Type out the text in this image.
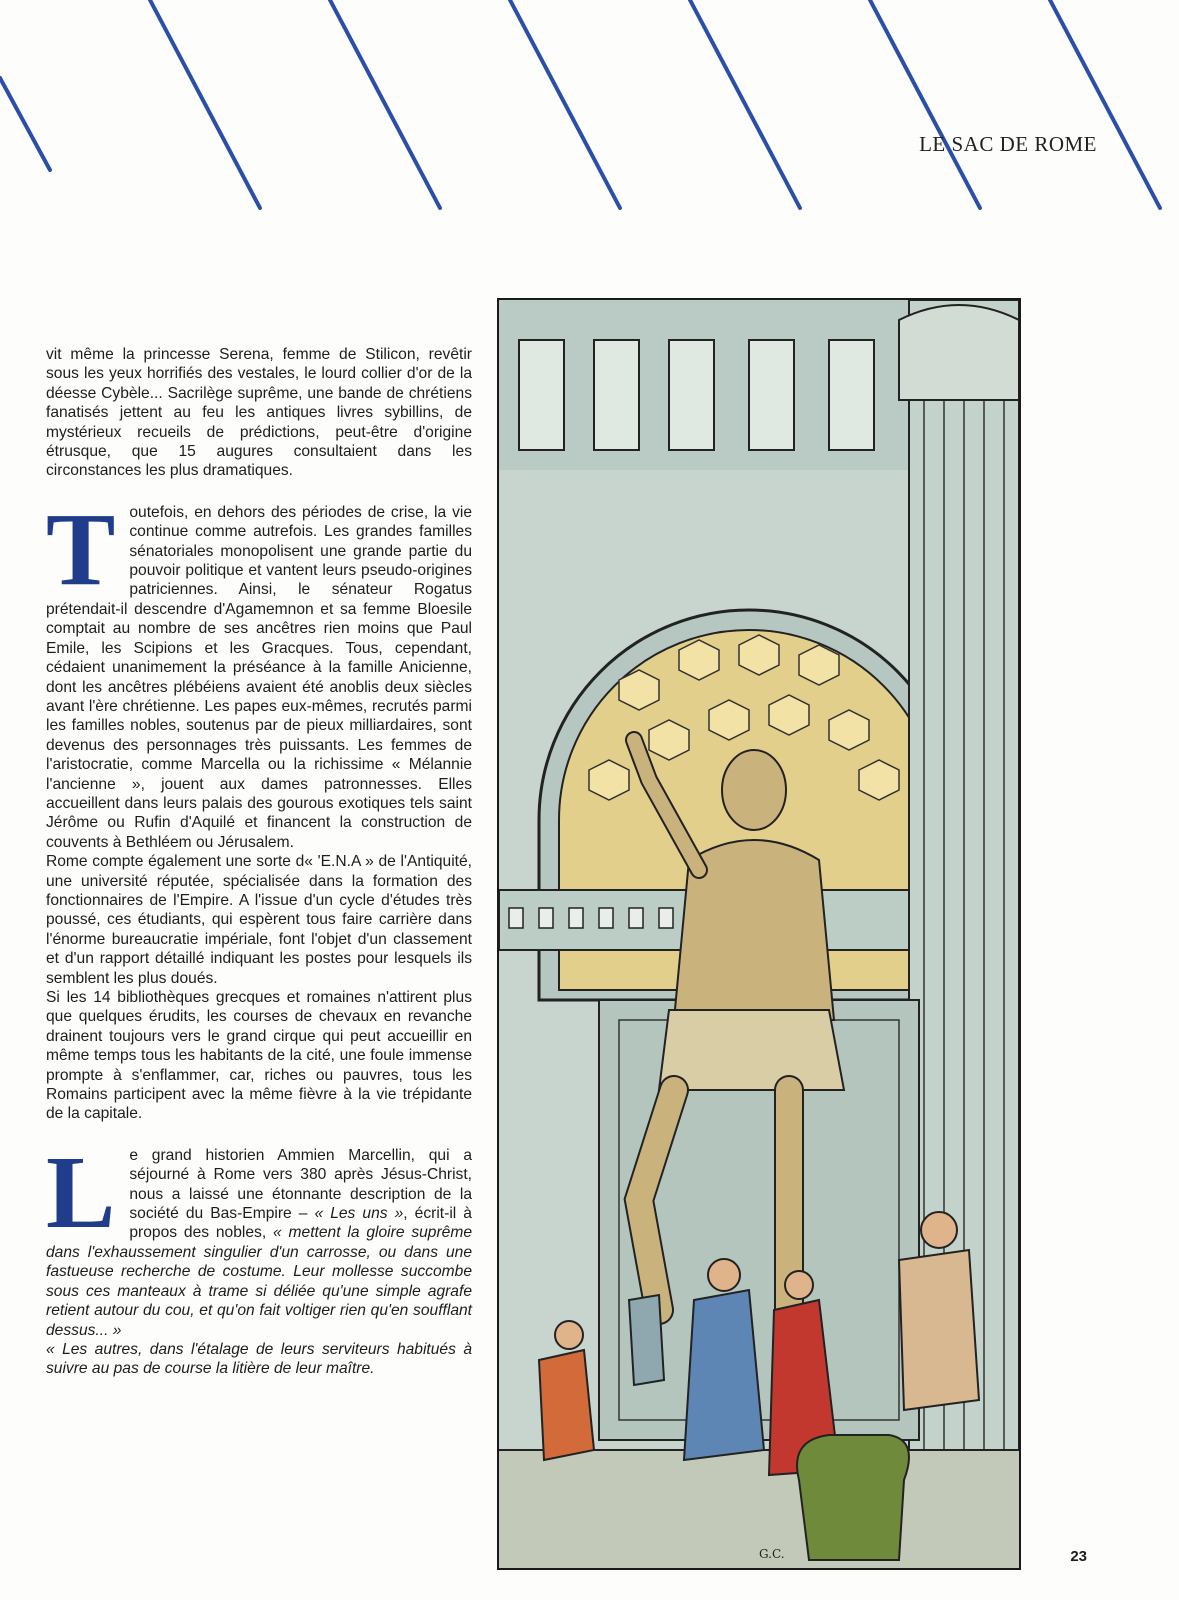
LE SAC DE ROME

vit même la princesse Serena, femme de Stilicon, revêtir sous les yeux horrifiés des vestales, le lourd collier d'or de la déesse Cybèle... Sacrilège suprême, une bande de chrétiens fanatisés jettent au feu les antiques livres sybillins, de mystérieux recueils de prédictions, peut-être d'origine étrusque, que 15 augures consultaient dans les circonstances les plus dramatiques.

Toutefois, en dehors des périodes de crise, la vie continue comme autrefois. Les grandes familles sénatoriales monopolisent une grande partie du pouvoir politique et vantent leurs pseudo-origines patriciennes. Ainsi, le sénateur Rogatus prétendait-il descendre d'Agamemnon et sa femme Bloesile comptait au nombre de ses ancêtres rien moins que Paul Emile, les Scipions et les Gracques. Tous, cependant, cédaient unanimement la préséance à la famille Anicienne, dont les ancêtres plébéiens avaient été anoblis deux siècles avant l'ère chrétienne. Les papes eux-mêmes, recrutés parmi les familles nobles, soutenus par de pieux milliardaires, sont devenus des personnages très puissants. Les femmes de l'aristocratie, comme Marcella ou la richissime « Mélannie l'ancienne », jouent aux dames patronnesses. Elles accueillent dans leurs palais des gourous exotiques tels saint Jérôme ou Rufin d'Aquilé et financent la construction de couvents à Bethléem ou Jérusalem.

Rome compte également une sorte d« 'E.N.A » de l'Antiquité, une université réputée, spécialisée dans la formation des fonctionnaires de l'Empire. A l'issue d'un cycle d'études très poussé, ces étudiants, qui espèrent tous faire carrière dans l'énorme bureaucratie impériale, font l'objet d'un classement et d'un rapport détaillé indiquant les postes pour lesquels ils semblent les plus doués.

Si les 14 bibliothèques grecques et romaines n'attirent plus que quelques érudits, les courses de chevaux en revanche drainent toujours vers le grand cirque qui peut accueillir en même temps tous les habitants de la cité, une foule immense prompte à s'enflammer, car, riches ou pauvres, tous les Romains participent avec la même fièvre à la vie trépidante de la capitale.

Le grand historien Ammien Marcellin, qui a séjourné à Rome vers 380 après Jésus-Christ, nous a laissé une étonnante description de la société du Bas-Empire – « Les uns », écrit-il à propos des nobles, « mettent la gloire suprême dans l'exhaussement singulier d'un carrosse, ou dans une fastueuse recherche de costume. Leur mollesse succombe sous ces manteaux à trame si déliée qu'une simple agrafe retient autour du cou, et qu'on fait voltiger rien qu'en soufflant dessus... »

« Les autres, dans l'étalage de leurs serviteurs habitués à suivre au pas de course la litière de leur maître.

G.C.	23
